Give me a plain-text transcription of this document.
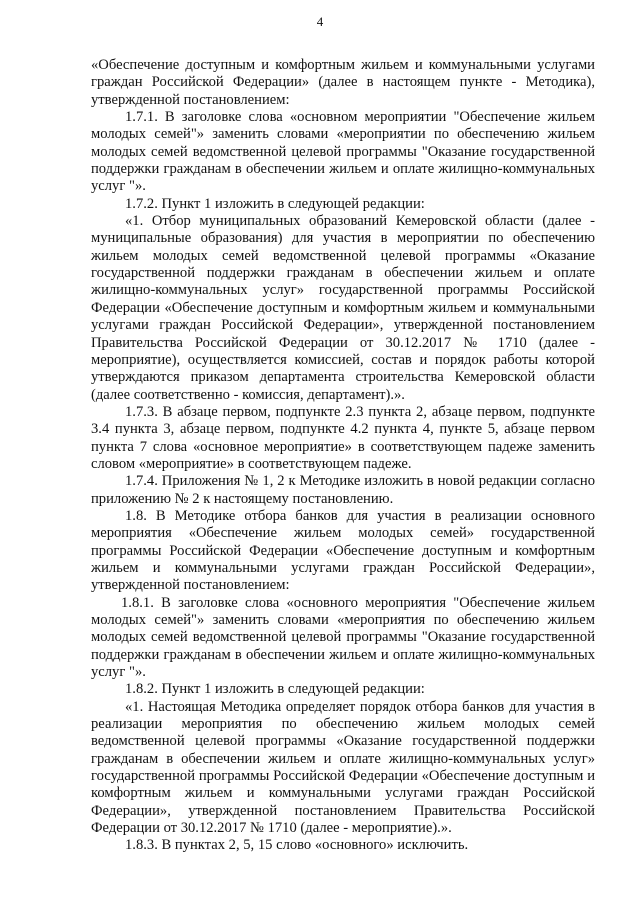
4

«Обеспечение доступным и комфортным жильем и коммунальными услугами граждан Российской Федерации» (далее в настоящем пункте - Методика), утвержденной постановлением:

1.7.1. В заголовке слова «основном мероприятии "Обеспечение жильем молодых семей"» заменить словами «мероприятии по обеспечению жильем молодых семей ведомственной целевой программы "Оказание государственной поддержки гражданам в обеспечении жильем и оплате жилищно-коммунальных услуг "».

1.7.2. Пункт 1 изложить в следующей редакции:

«1. Отбор муниципальных образований Кемеровской области (далее - муниципальные образования) для участия в мероприятии по обеспечению жильем молодых семей ведомственной целевой программы «Оказание государственной поддержки гражданам в обеспечении жильем и оплате жилищно-коммунальных услуг» государственной программы Российской Федерации «Обеспечение доступным и комфортным жильем и коммунальными услугами граждан Российской Федерации», утвержденной постановлением Правительства Российской Федерации от 30.12.2017 № 1710 (далее - мероприятие), осуществляется комиссией, состав и порядок работы которой утверждаются приказом департамента строительства Кемеровской области (далее соответственно - комиссия, департамент).».

1.7.3. В абзаце первом, подпункте 2.3 пункта 2, абзаце первом, подпункте 3.4 пункта 3, абзаце первом, подпункте 4.2 пункта 4, пункте 5, абзаце первом пункта 7 слова «основное мероприятие» в соответствующем падеже заменить словом «мероприятие» в соответствующем падеже.

1.7.4. Приложения № 1, 2 к Методике изложить в новой редакции согласно приложению № 2 к настоящему постановлению.

1.8. В Методике отбора банков для участия в реализации основного мероприятия «Обеспечение жильем молодых семей» государственной программы Российской Федерации «Обеспечение доступным и комфортным жильем и коммунальными услугами граждан Российской Федерации», утвержденной постановлением:

1.8.1. В заголовке слова «основного мероприятия "Обеспечение жильем молодых семей"» заменить словами «мероприятия по обеспечению жильем молодых семей ведомственной целевой программы "Оказание государственной поддержки гражданам в обеспечении жильем и оплате жилищно-коммунальных услуг "».

1.8.2. Пункт 1 изложить в следующей редакции:

«1. Настоящая Методика определяет порядок отбора банков для участия в реализации мероприятия по обеспечению жильем молодых семей ведомственной целевой программы «Оказание государственной поддержки гражданам в обеспечении жильем и оплате жилищно-коммунальных услуг» государственной программы Российской Федерации «Обеспечение доступным и комфортным жильем и коммунальными услугами граждан Российской Федерации», утвержденной постановлением Правительства Российской Федерации от 30.12.2017 № 1710 (далее - мероприятие).».

1.8.3. В пунктах 2, 5, 15 слово «основного» исключить.
